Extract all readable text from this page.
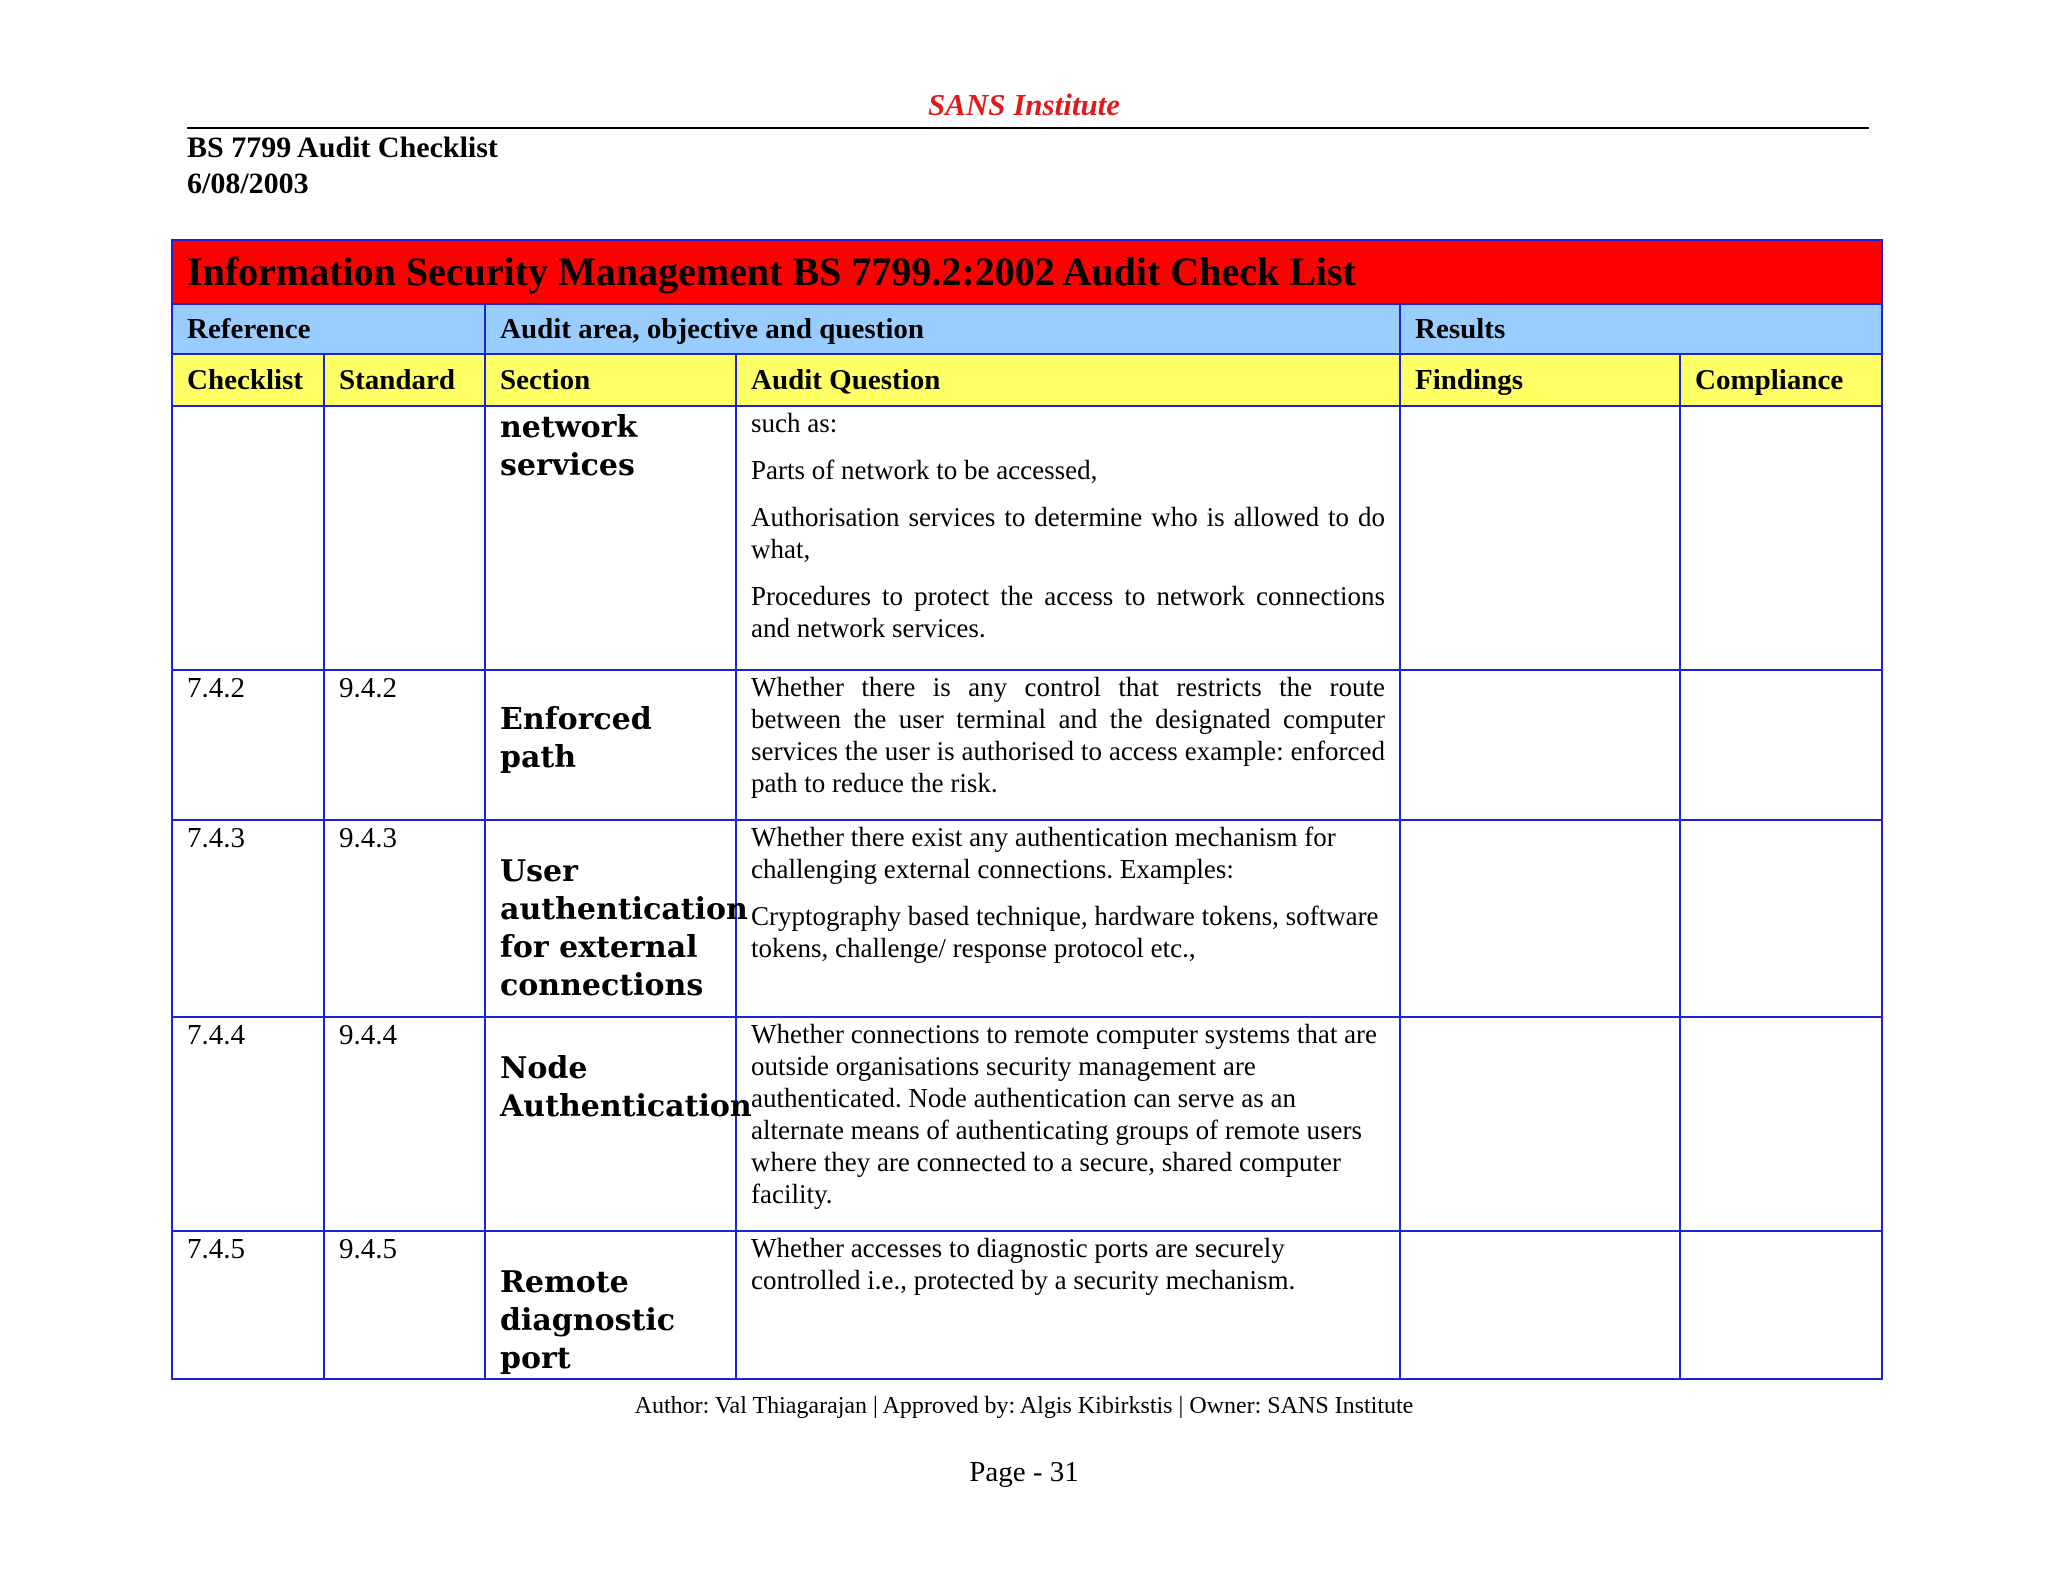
SANS Institute
BS 7799 Audit Checklist
6/08/2003
Information Security Management BS 7799.2:2002 Audit Check List					
Reference		Audit area, objective and question		Results	
Checklist	Standard	Section	Audit Question	Findings	Compliance
		network services	such as:

Parts of network to be accessed,

Authorisation services to determine who is allowed to do what,

Procedures to protect the access to network connections and network services.		

7.4.2	9.4.2	Enforced path	Whether there is any control that restricts the route between the user terminal and the designated computer services the user is authorised to access example: enforced path to reduce the risk.		

7.4.3	9.4.3	User authentication for external connections	Whether there exist any authentication mechanism for challenging external connections. Examples:

Cryptography based technique, hardware tokens, software tokens, challenge/ response protocol etc.,		

7.4.4	9.4.4	Node Authentication	Whether connections to remote computer systems that are outside organisations security management are authenticated. Node authentication can serve as an alternate means of authenticating groups of remote users where they are connected to a secure, shared computer facility.		

7.4.5	9.4.5	Remote diagnostic port	Whether accesses to diagnostic ports are securely controlled i.e., protected by a security mechanism.		

Author: Val Thiagarajan | Approved by: Algis Kibirkstis | Owner: SANS Institute
Page - 31
